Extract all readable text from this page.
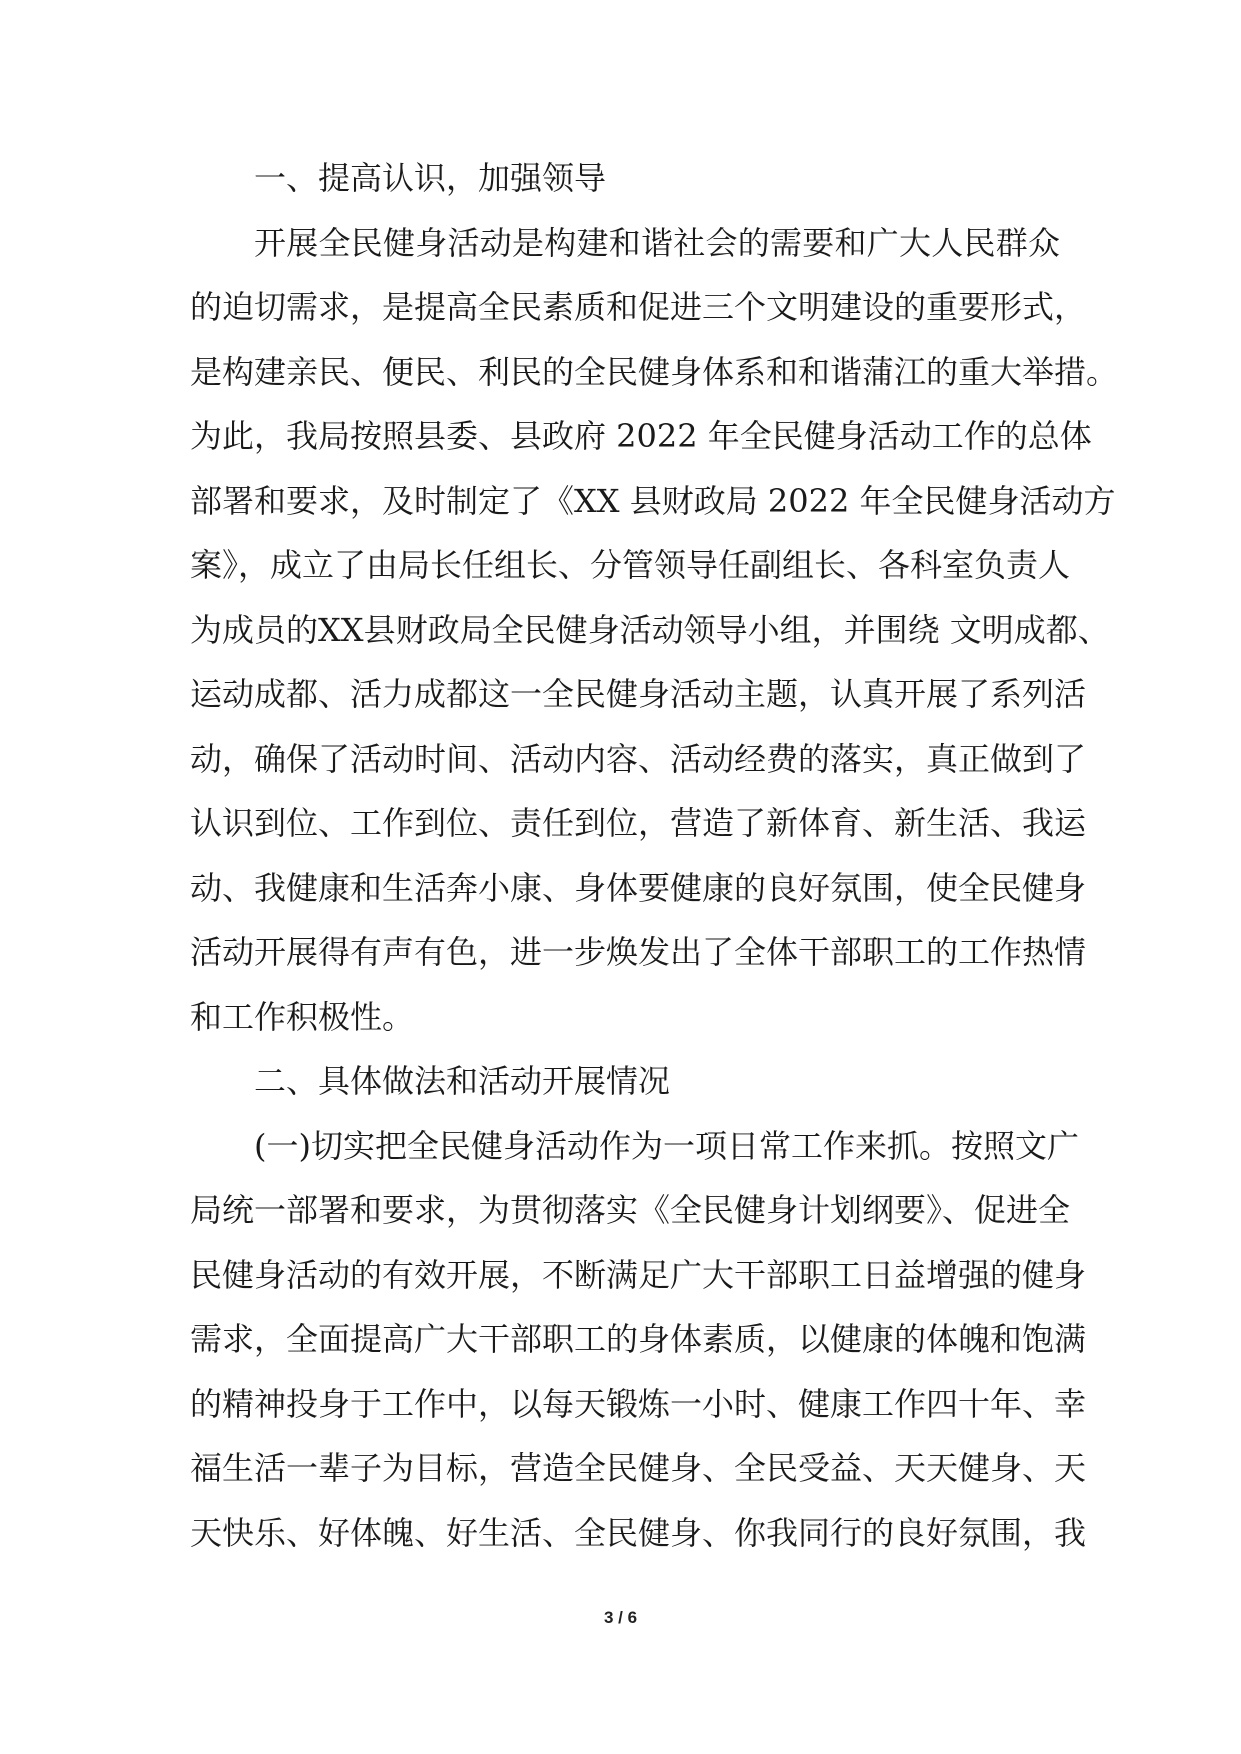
一、提高认识，加强领导
开展全民健身活动是构建和谐社会的需要和广大人民群众
的迫切需求，是提高全民素质和促进三个文明建设的重要形式，
是构建亲民、便民、利民的全民健身体系和和谐蒲江的重大举措。
为此，我局按照县委、县政府 2022 年全民健身活动工作的总体
部署和要求，及时制定了《XX 县财政局 2022 年全民健身活动方
案》，成立了由局长任组长、分管领导任副组长、各科室负责人
为成员的XX县财政局全民健身活动领导小组，并围绕 文明成都、
运动成都、活力成都这一全民健身活动主题，认真开展了系列活
动，确保了活动时间、活动内容、活动经费的落实，真正做到了
认识到位、工作到位、责任到位，营造了新体育、新生活、我运
动、我健康和生活奔小康、身体要健康的良好氛围，使全民健身
活动开展得有声有色，进一步焕发出了全体干部职工的工作热情
和工作积极性。
二、具体做法和活动开展情况
(一)切实把全民健身活动作为一项日常工作来抓。按照文广
局统一部署和要求，为贯彻落实《全民健身计划纲要》、促进全
民健身活动的有效开展，不断满足广大干部职工日益增强的健身
需求，全面提高广大干部职工的身体素质，以健康的体魄和饱满
的精神投身于工作中，以每天锻炼一小时、健康工作四十年、幸
福生活一辈子为目标，营造全民健身、全民受益、天天健身、天
天快乐、好体魄、好生活、全民健身、你我同行的良好氛围，我
3 / 6
